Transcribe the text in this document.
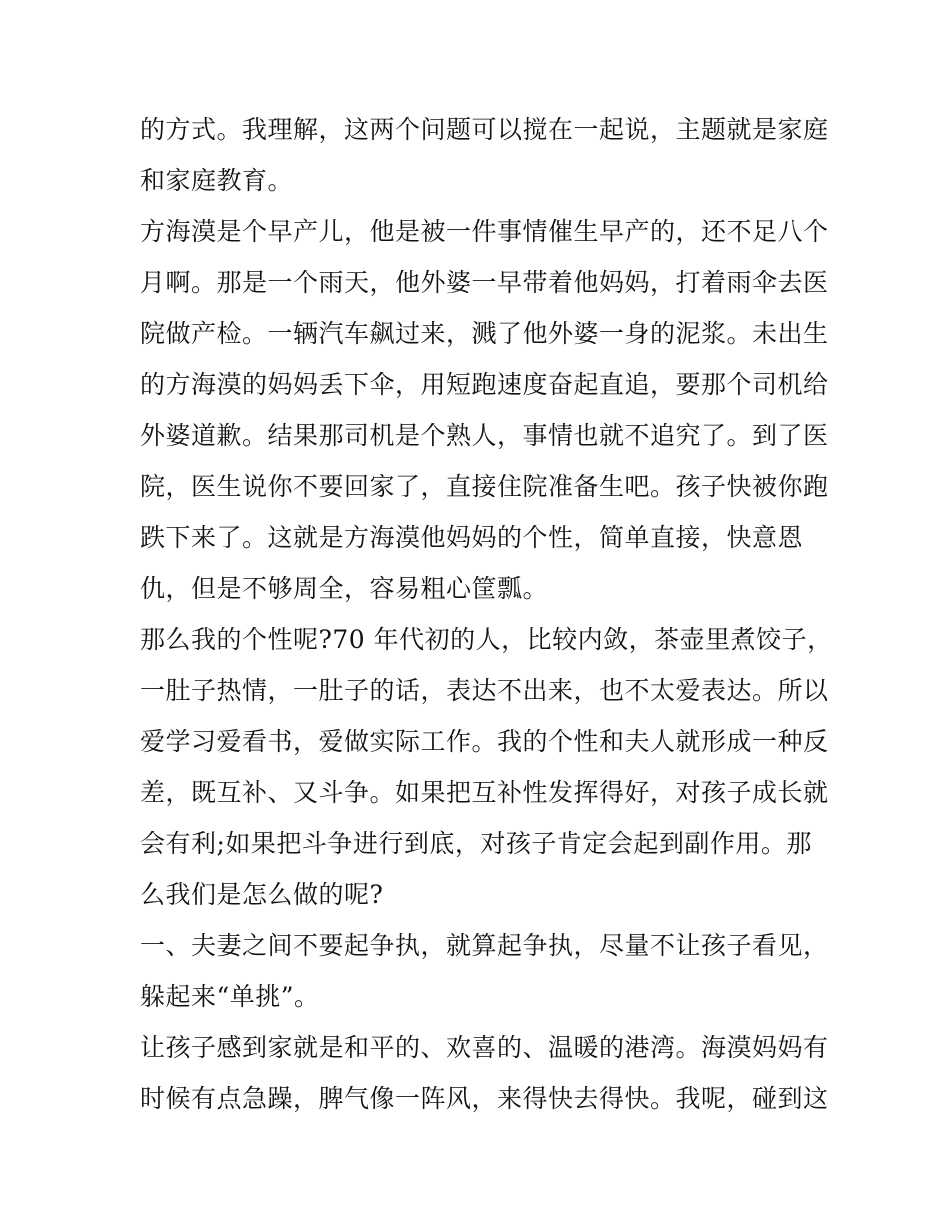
的方式。我理解，这两个问题可以搅在一起说，主题就是家庭
和家庭教育。
方海漠是个早产儿，他是被一件事情催生早产的，还不足八个
月啊。那是一个雨天，他外婆一早带着他妈妈，打着雨伞去医
院做产检。一辆汽车飙过来，溅了他外婆一身的泥浆。未出生
的方海漠的妈妈丢下伞，用短跑速度奋起直追，要那个司机给
外婆道歉。结果那司机是个熟人，事情也就不追究了。到了医
院，医生说你不要回家了，直接住院准备生吧。孩子快被你跑
跌下来了。这就是方海漠他妈妈的个性，简单直接，快意恩
仇，但是不够周全，容易粗心筐瓢。
那么我的个性呢?70 年代初的人，比较内敛，茶壶里煮饺子，
一肚子热情，一肚子的话，表达不出来，也不太爱表达。所以
爱学习爱看书，爱做实际工作。我的个性和夫人就形成一种反
差，既互补、又斗争。如果把互补性发挥得好，对孩子成长就
会有利;如果把斗争进行到底，对孩子肯定会起到副作用。那
么我们是怎么做的呢?
一、夫妻之间不要起争执，就算起争执，尽量不让孩子看见，
躲起来“单挑”。
让孩子感到家就是和平的、欢喜的、温暖的港湾。海漠妈妈有
时候有点急躁，脾气像一阵风，来得快去得快。我呢，碰到这
